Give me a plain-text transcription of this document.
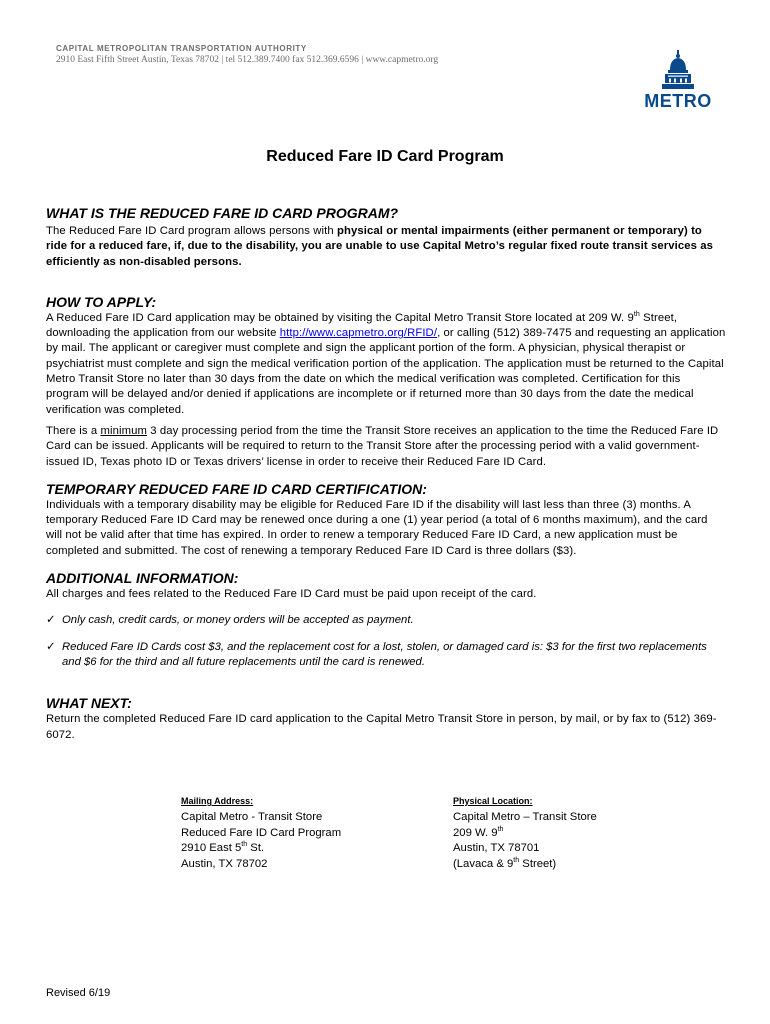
CAPITAL METROPOLITAN TRANSPORTATION AUTHORITY
2910 East Fifth Street Austin, Texas 78702 | tel 512.389.7400 fax 512.369.6596 | www.capmetro.org
METRO
Reduced Fare ID Card Program

WHAT IS THE REDUCED FARE ID CARD PROGRAM?

The Reduced Fare ID Card program allows persons with physical or mental impairments (either permanent or temporary) to ride for a reduced fare, if, due to the disability, you are unable to use Capital Metro’s regular fixed route transit services as efficiently as non-disabled persons.

HOW TO APPLY:

A Reduced Fare ID Card application may be obtained by visiting the Capital Metro Transit Store located at 209 W. 9th Street, downloading the application from our website http://www.capmetro.org/RFID/, or calling (512) 389-7475 and requesting an application by mail. The applicant or caregiver must complete and sign the applicant portion of the form. A physician, physical therapist or psychiatrist must complete and sign the medical verification portion of the application. The application must be returned to the Capital Metro Transit Store no later than 30 days from the date on which the medical verification was completed. Certification for this program will be delayed and/or denied if applications are incomplete or if returned more than 30 days from the date the medical verification was completed.

There is a minimum 3 day processing period from the time the Transit Store receives an application to the time the Reduced Fare ID Card can be issued. Applicants will be required to return to the Transit Store after the processing period with a valid government-issued ID, Texas photo ID or Texas drivers’ license in order to receive their Reduced Fare ID Card.

TEMPORARY REDUCED FARE ID CARD CERTIFICATION:

Individuals with a temporary disability may be eligible for Reduced Fare ID if the disability will last less than three (3) months. A temporary Reduced Fare ID Card may be renewed once during a one (1) year period (a total of 6 months maximum), and the card will not be valid after that time has expired. In order to renew a temporary Reduced Fare ID Card, a new application must be completed and submitted. The cost of renewing a temporary Reduced Fare ID Card is three dollars ($3).

ADDITIONAL INFORMATION:

All charges and fees related to the Reduced Fare ID Card must be paid upon receipt of the card.

✓ Only cash, credit cards, or money orders will be accepted as payment.

✓ Reduced Fare ID Cards cost $3, and the replacement cost for a lost, stolen, or damaged card is: $3 for the first two replacements and $6 for the third and all future replacements until the card is renewed.

WHAT NEXT:

Return the completed Reduced Fare ID card application to the Capital Metro Transit Store in person, by mail, or by fax to (512) 369-6072.

Mailing Address:
Capital Metro - Transit Store
Reduced Fare ID Card Program
2910 East 5th St.
Austin, TX 78702
Physical Location:
Capital Metro – Transit Store
209 W. 9th
Austin, TX 78701
(Lavaca & 9th Street)
Revised 6/19
